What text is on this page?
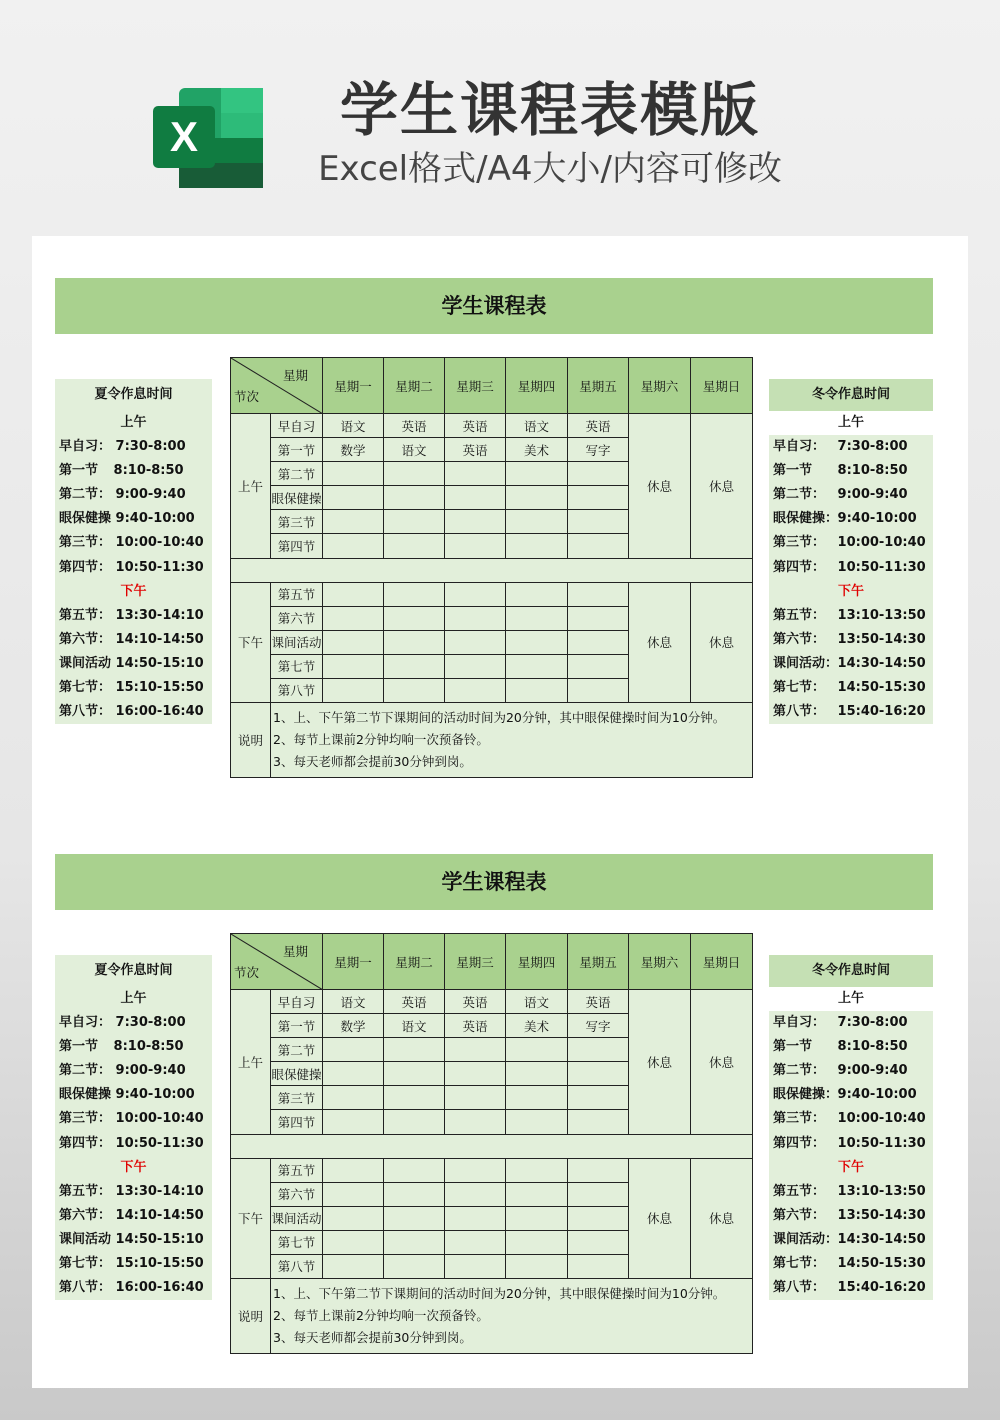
X 学生课程表模版
Excel格式/A4大小/内容可修改
学生课程表
夏令作息时间
上午
早自习： 7:30-8:00
第一节 8:10-8:50
第二节： 9:00-9:40
眼保健操 9:40-10:00
第三节： 10:00-10:40
第四节： 10:50-11:30
下午
第五节： 13:30-14:10
第六节： 14:10-14:50
课间活动 14:50-15:10
第七节： 15:10-15:50
第八节： 16:00-16:40
冬令作息时间
上午
早自习： 7:30-8:00
第一节 8:10-8:50
第二节： 9:00-9:40
眼保健操： 9:40-10:00
第三节： 10:00-10:40
第四节： 10:50-11:30
下午
第五节： 13:10-13:50
第六节： 13:50-14:30
课间活动： 14:30-14:50
第七节： 14:50-15:30
第八节： 15:40-16:20
星期
节次		星期一	星期二	星期三	星期四	星期五	星期六	星期日
上午	早自习	语文	英语	英语	语文	英语	休息	休息
	第一节	数学	语文	英语	美术	写字		
	第二节							
	眼保健操							
	第三节							
	第四节							

下午	第五节						休息	休息
	第六节							
	课间活动							
	第七节							
	第八节							
说明	1、上、下午第二节下课期间的活动时间为20分钟，其中眼保健操时间为10分钟。
2、每节上课前2分钟均响一次预备铃。
3、每天老师都会提前30分钟到岗。							
学生课程表
夏令作息时间
上午
早自习： 7:30-8:00
第一节 8:10-8:50
第二节： 9:00-9:40
眼保健操 9:40-10:00
第三节： 10:00-10:40
第四节： 10:50-11:30
下午
第五节： 13:30-14:10
第六节： 14:10-14:50
课间活动 14:50-15:10
第七节： 15:10-15:50
第八节： 16:00-16:40
冬令作息时间
上午
早自习： 7:30-8:00
第一节 8:10-8:50
第二节： 9:00-9:40
眼保健操： 9:40-10:00
第三节： 10:00-10:40
第四节： 10:50-11:30
下午
第五节： 13:10-13:50
第六节： 13:50-14:30
课间活动： 14:30-14:50
第七节： 14:50-15:30
第八节： 15:40-16:20
星期
节次		星期一	星期二	星期三	星期四	星期五	星期六	星期日
上午	早自习	语文	英语	英语	语文	英语	休息	休息
	第一节	数学	语文	英语	美术	写字		
	第二节							
	眼保健操							
	第三节							
	第四节							

下午	第五节						休息	休息
	第六节							
	课间活动							
	第七节							
	第八节							
说明	1、上、下午第二节下课期间的活动时间为20分钟，其中眼保健操时间为10分钟。
2、每节上课前2分钟均响一次预备铃。
3、每天老师都会提前30分钟到岗。							
